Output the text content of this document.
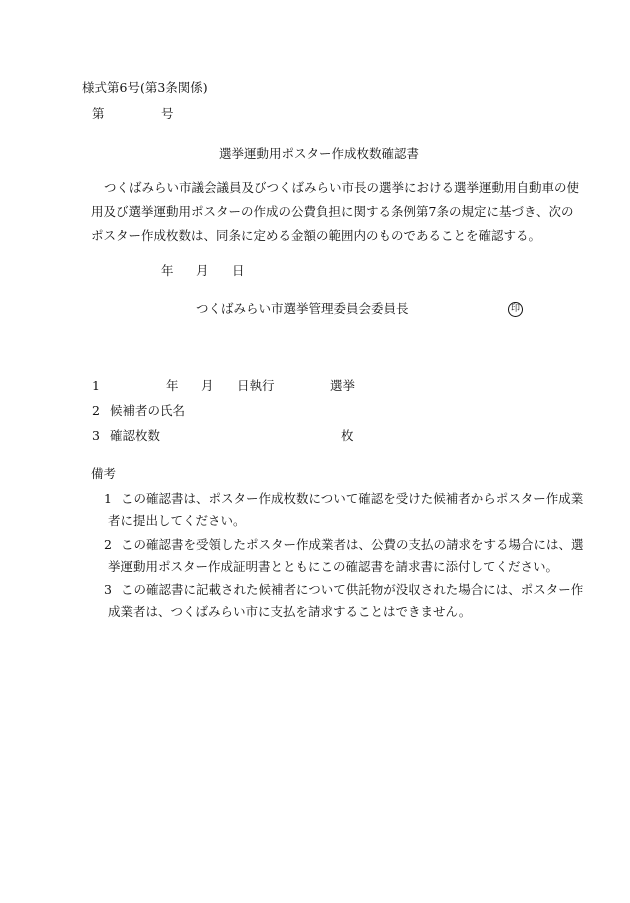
様式第6号(第3条関係)
第	号
選挙運動用ポスター作成枚数確認書
つくばみらい市議会議員及びつくばみらい市長の選挙における選挙運動用自動車の使
用及び選挙運動用ポスターの作成の公費負担に関する条例第7条の規定に基づき、次の
ポスター作成枚数は、同条に定める金額の範囲内のものであることを確認する。
年 月 日
つくばみらい市選挙管理委員会委員長	印
1	年 月 日執行	選挙
2 候補者の氏名
3 確認枚数	枚
備考
1 この確認書は、ポスター作成枚数について確認を受けた候補者からポスター作成業
者に提出してください。
2 この確認書を受領したポスター作成業者は、公費の支払の請求をする場合には、選
挙運動用ポスター作成証明書とともにこの確認書を請求書に添付してください。
3 この確認書に記載された候補者について供託物が没収された場合には、ポスター作
成業者は、つくばみらい市に支払を請求することはできません。
